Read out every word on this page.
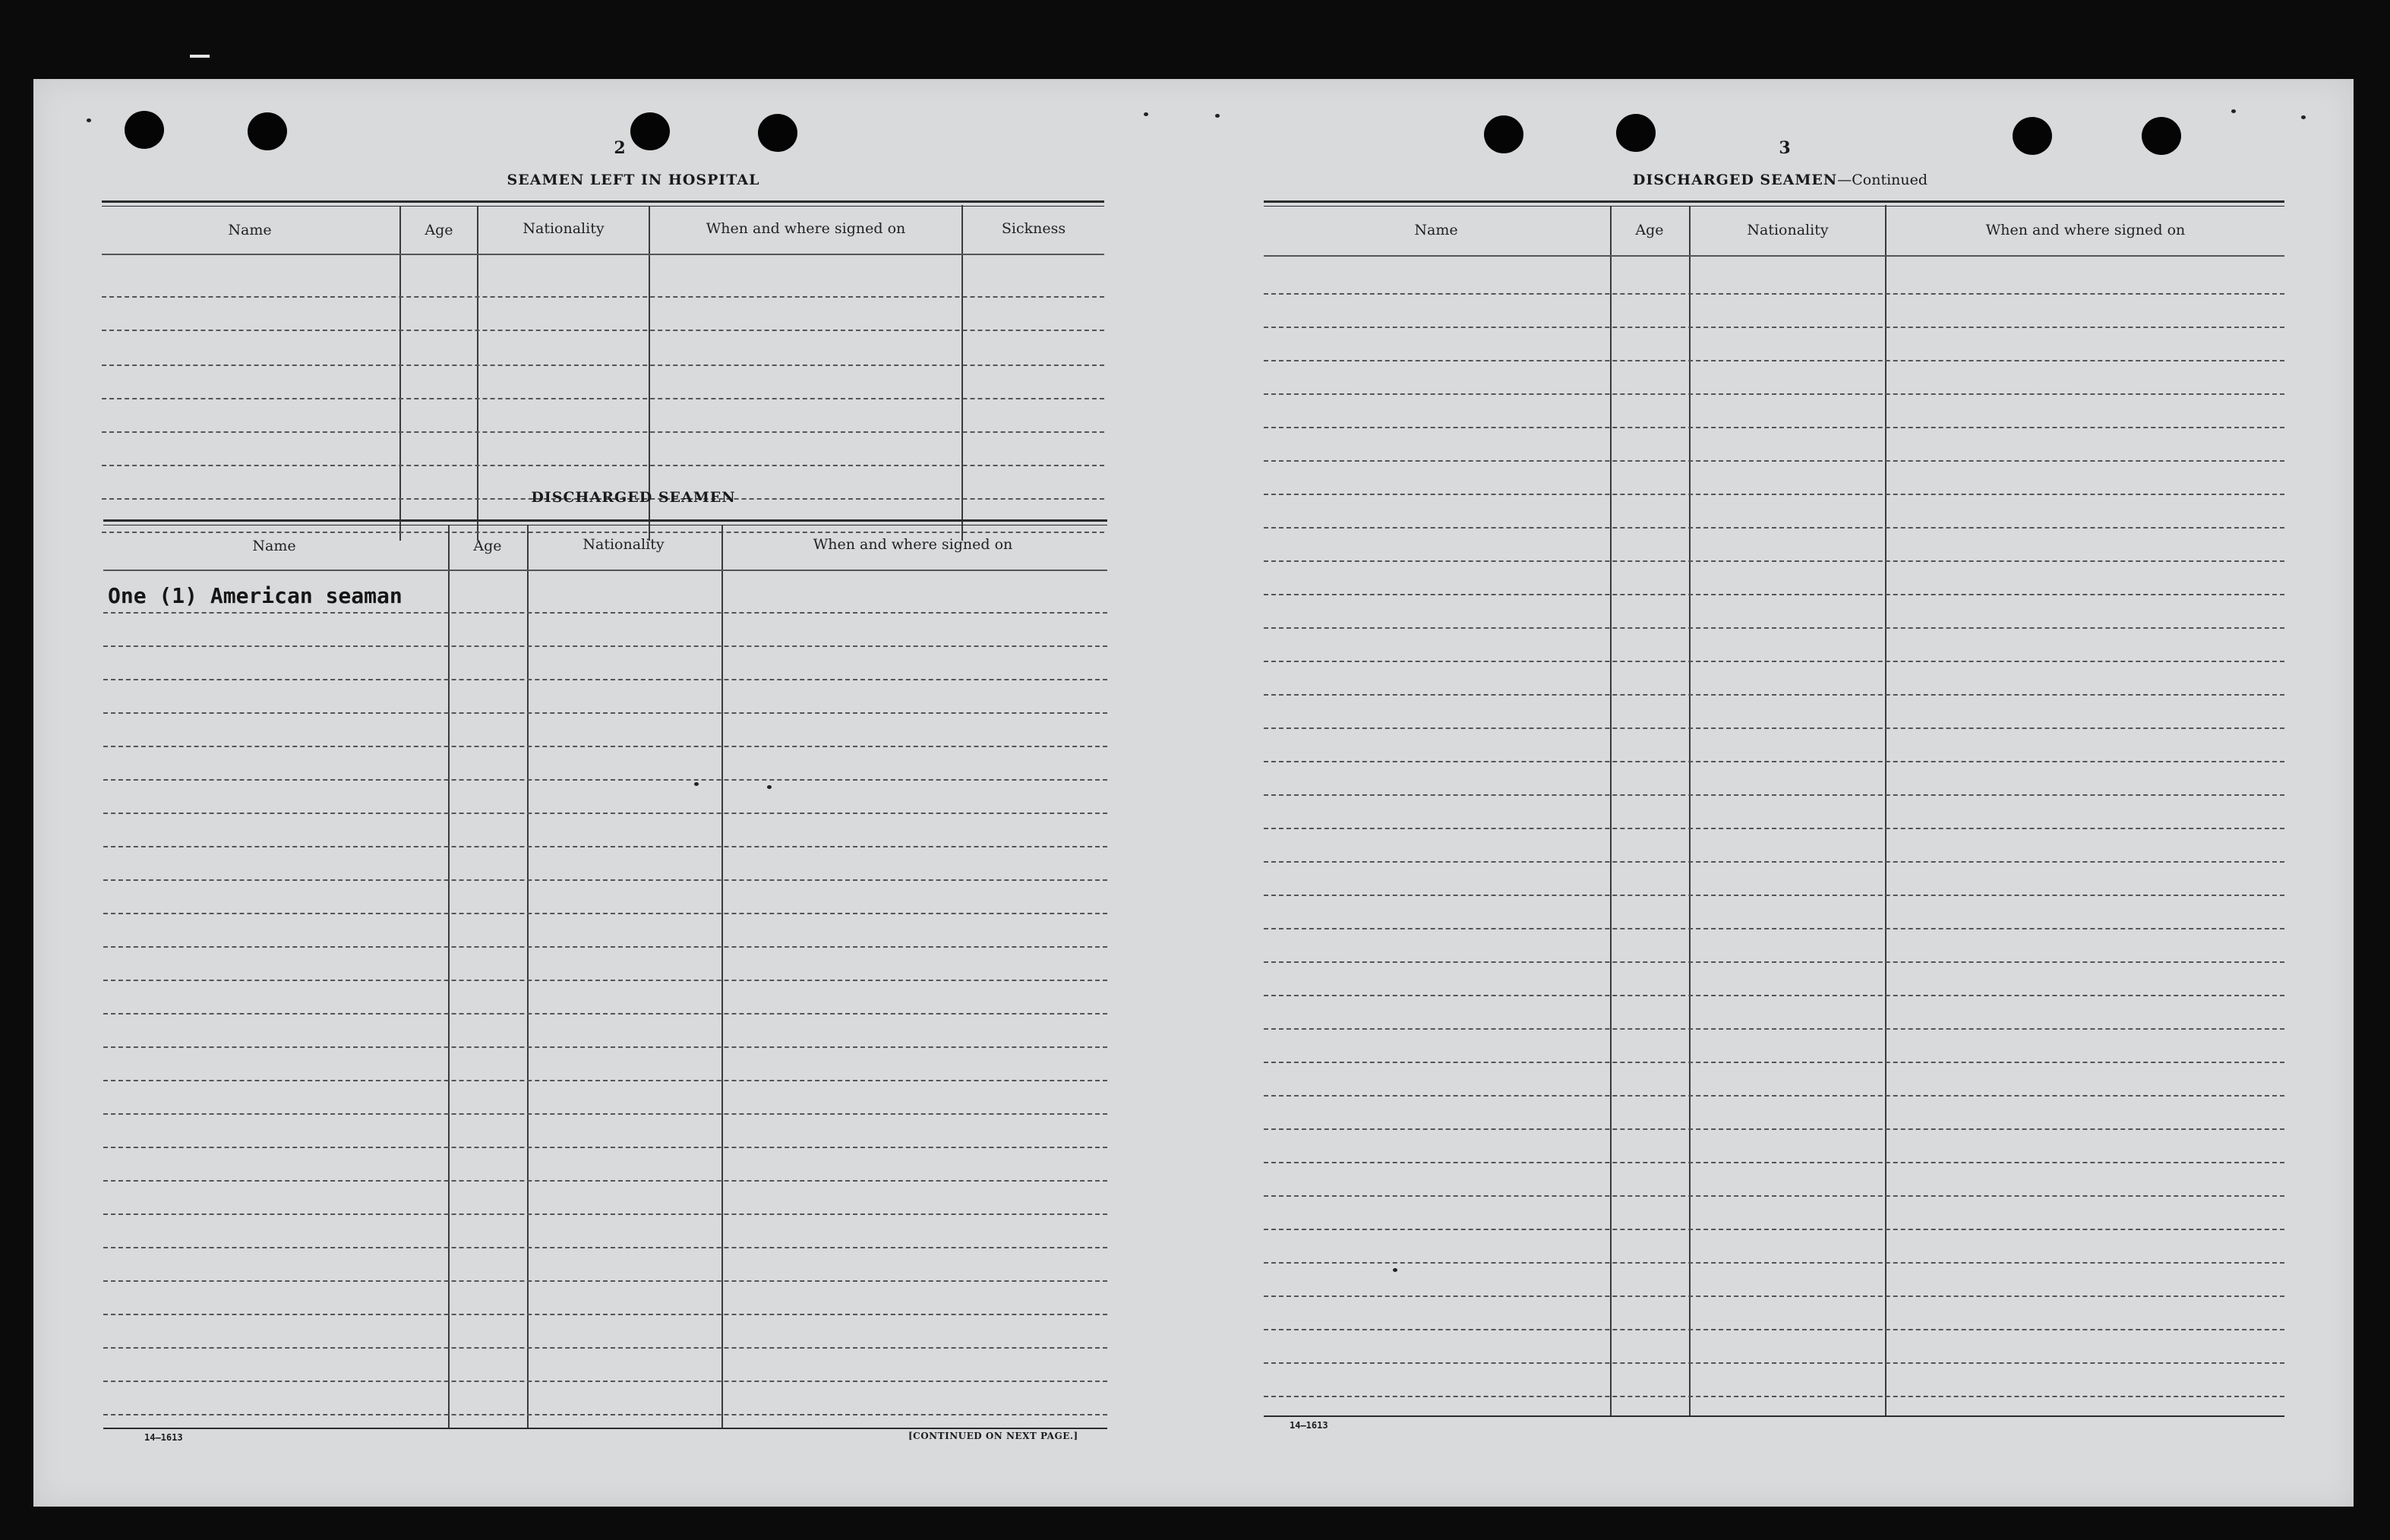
2
SEAMEN LEFT IN HOSPITAL
Name	Age	Nationality	When and where signed on	Sickness
DISCHARGED SEAMEN
Name	Age	Nationality	When and where signed on
One (1) American seaman
14—1613	[CONTINUED ON NEXT PAGE.]
3
DISCHARGED SEAMEN—Continued
Name	Age	Nationality	When and where signed on
14—1613
